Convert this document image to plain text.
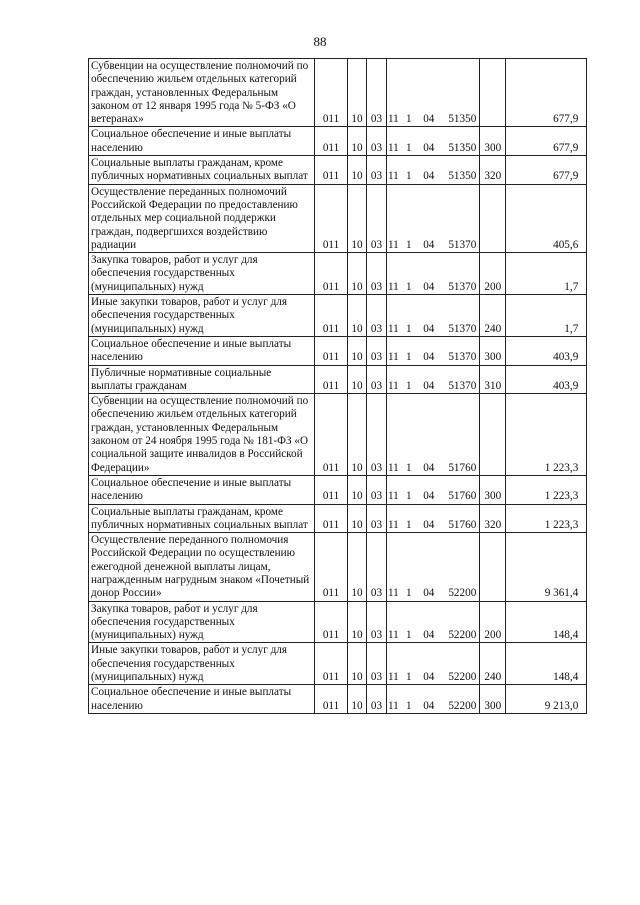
88
Субвенции на осуществление полномочий по обеспечению жильем отдельных категорий граждан, установленных Федеральным законом от 12 января 1995 года № 5-ФЗ «О ветеранах»	011	10	03	11	1	04	51350		677,9
Социальное обеспечение и иные выплаты населению	011	10	03	11	1	04	51350	300	677,9
Социальные выплаты гражданам, кроме публичных нормативных социальных выплат	011	10	03	11	1	04	51350	320	677,9
Осуществление переданных полномочий Российской Федерации по предоставлению отдельных мер социальной поддержки граждан, подвергшихся воздействию радиации	011	10	03	11	1	04	51370		405,6
Закупка товаров, работ и услуг для обеспечения государственных (муниципальных) нужд	011	10	03	11	1	04	51370	200	1,7
Иные закупки товаров, работ и услуг для обеспечения государственных (муниципальных) нужд	011	10	03	11	1	04	51370	240	1,7
Социальное обеспечение и иные выплаты населению	011	10	03	11	1	04	51370	300	403,9
Публичные нормативные социальные выплаты гражданам	011	10	03	11	1	04	51370	310	403,9
Субвенции на осуществление полномочий по обеспечению жильем отдельных категорий граждан, установленных Федеральным законом от 24 ноября 1995 года № 181-ФЗ «О социальной защите инвалидов в Российской Федерации»	011	10	03	11	1	04	51760		1 223,3
Социальное обеспечение и иные выплаты населению	011	10	03	11	1	04	51760	300	1 223,3
Социальные выплаты гражданам, кроме публичных нормативных социальных выплат	011	10	03	11	1	04	51760	320	1 223,3
Осуществление переданного полномочия Российской Федерации по осуществлению ежегодной денежной выплаты лицам, награжденным нагрудным знаком «Почетный донор России»	011	10	03	11	1	04	52200		9 361,4
Закупка товаров, работ и услуг для обеспечения государственных (муниципальных) нужд	011	10	03	11	1	04	52200	200	148,4
Иные закупки товаров, работ и услуг для обеспечения государственных (муниципальных) нужд	011	10	03	11	1	04	52200	240	148,4
Социальное обеспечение и иные выплаты населению	011	10	03	11	1	04	52200	300	9 213,0
